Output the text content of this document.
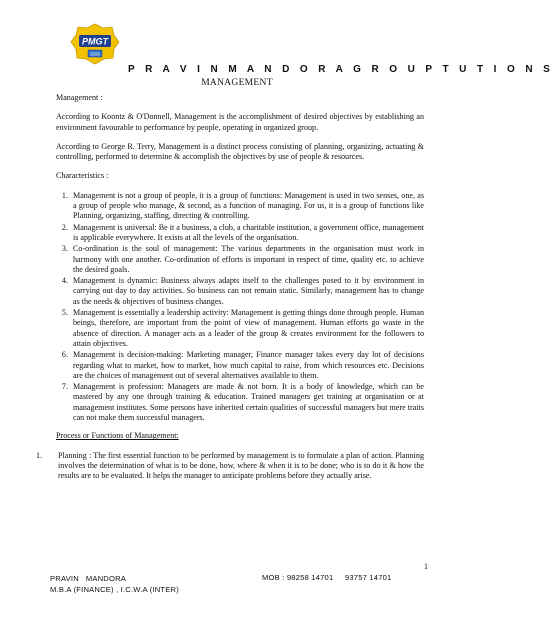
PMGT
P R A V I N M A N D O R A G R O U P T U T I O N S
MANAGEMENT

Management :

According to Koontz & O'Donnell, Management is the accomplishment of desired objectives by establishing an environment favourable to performance by people, operating in organized group.

According to George R. Terry, Management is a distinct process consisting of planning, organizing, actuating & controlling, performed to determine & accomplish the objectives by use of people & resources.

Characteristics :

1. Management is not a group of people, it is a group of functions: Management is used in two senses, one, as a group of people who manage, & second, as a function of managing. For us, it is a group of functions like Planning, organizing, staffing, directing & controlling.
2. Management is universal: Be it a business, a club, a charitable institution, a government office, management is applicable everywhere. It exists at all the levels of the organisation.
3. Co-ordination is the soul of management: The various departments in the organisation must work in harmony with one another. Co-ordination of efforts is important in respect of time, quality etc. to achieve the desired goals.
4. Management is dynamic: Business always adapts itself to the challenges posed to it by environment in carrying out day to day activities. So business can not remain static. Similarly, management has to change as the needs & objectives of business changes.
5. Management is essentially a leadership activity: Management is getting things done through people. Human beings, therefore, are important from the point of view of management. Human efforts go waste in the absence of direction. A manager acts as a leader of the group & creates environment for the followers to attain objectives.
6. Management is decision-making: Marketing manager, Finance manager takes every day lot of decisions regarding what to market, how to market, how much capital to raise, from which resources etc. Decisions are the choices of management out of several alternatives available to them.
7. Management is profession: Managers are made & not born. It is a body of knowledge, which can be mastered by any one through training & education. Trained managers get training at organisation or at management institutes. Some persons have inherited certain qualities of successful managers but mere traits can not make them successful managers.

Process or Functions of Management:

1.	Planning : The first essential function to be performed by management is to formulate a plan of action. Planning involves the determination of what is to be done, how, where & when it is to be done; who is to do it & how the results are to be evaluated. It helps the manager to anticipate problems before they actually arise.
1
PRAVIN   MANDORA
M.B.A (FINANCE) , I.C.W.A (INTER)
MOB : 98258 14701     93757 14701
